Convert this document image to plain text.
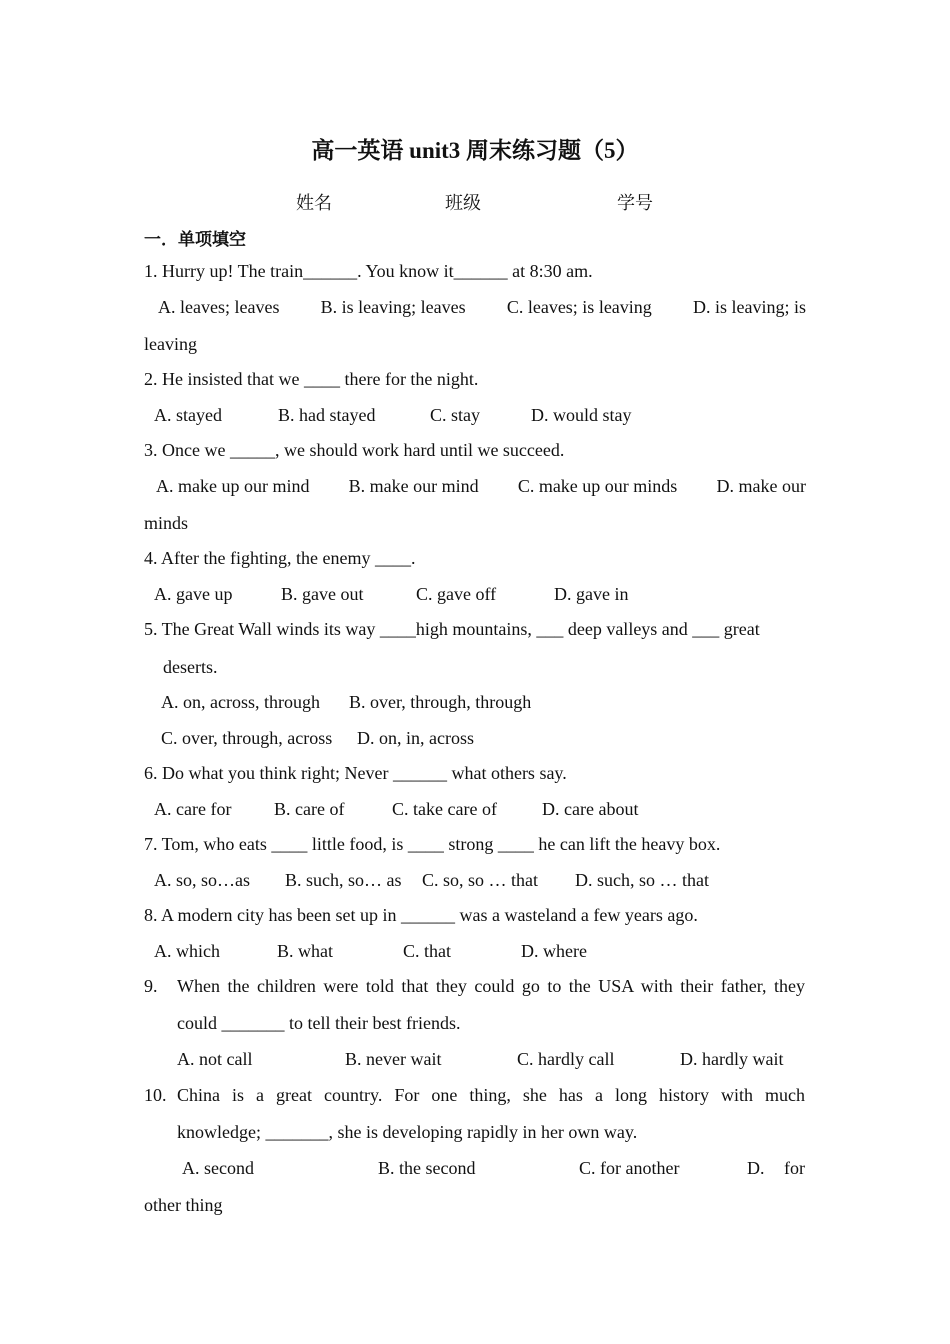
高一英语 unit3 周末练习题（5）
姓名	班级	学号
一．单项填空
1. Hurry up! The train______. You know it______ at 8:30 am.
A. leaves; leaves B. is leaving; leaves C. leaves; is leaving D. is leaving; is
leaving
2. He insisted that we ____ there for the night.
A. stayed	B. had stayed	C. stay	D. would stay
3. Once we _____, we should work hard until we succeed.
A. make up our mind B. make our mind C. make up our minds D. make our
minds
4. After the fighting, the enemy ____.
A. gave up	B. gave out	C. gave off	D. gave in
5. The Great Wall winds its way ____high mountains, ___ deep valleys and ___ great
deserts.
A. on, across, through B. over, through, through
C. over, through, across D. on, in, across
6. Do what you think right; Never ______ what others say.
A. care for B. care of	C. take care of	D. care about
7. Tom, who eats ____ little food, is ____ strong ____ he can lift the heavy box.
A. so, so…as B. such, so… as C. so, so … that D. such, so … that
8. A modern city has been set up in ______ was a wasteland a few years ago.
A. which	B. what	C. that	D. where
9. When the children were told that they could go to the USA with their father, they
could _______ to tell their best friends.
A. not call	B. never wait	C. hardly call	D. hardly wait
10. China is a great country. For one thing, she has a long history with much
knowledge; _______, she is developing rapidly in her own way.
A. second	B. the second	C. for another	D. for
other thing
